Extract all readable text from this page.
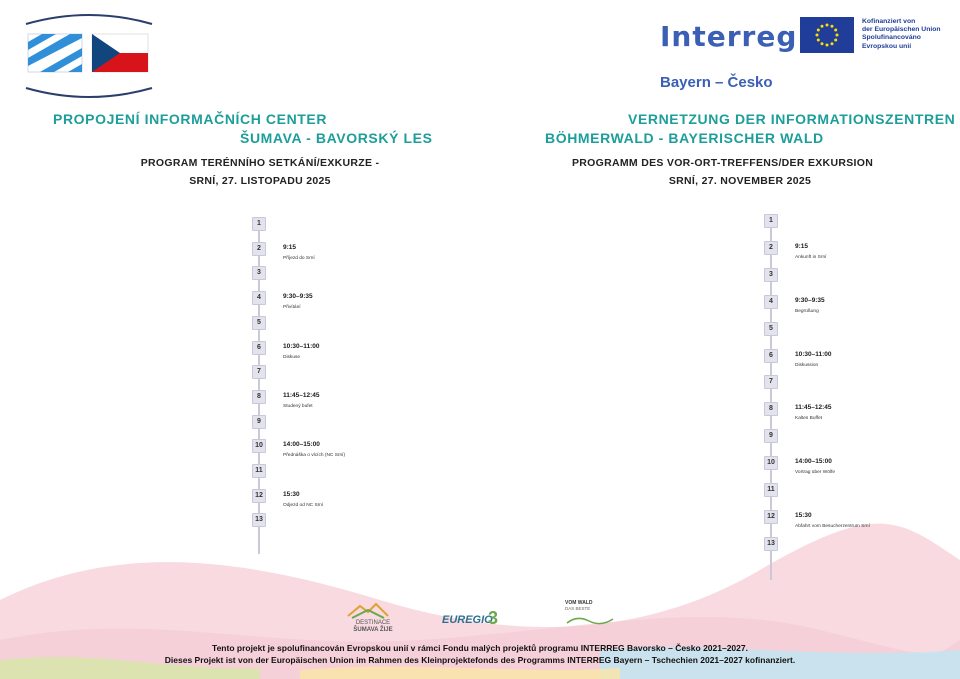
Interreg	Kofinanziert von
der Europäischen Union
Spolufinancováno
Evropskou unií
Bayern – Česko
PROPOJENÍ INFORMAČNÍCH CENTER
ŠUMAVA - BAVORSKÝ LES
VERNETZUNG DER INFORMATIONSZENTREN
BÖHMERWALD - BAYERISCHER WALD
PROGRAM TERÉNNÍHO SETKÁNÍ/EXKURZE -
SRNÍ, 27. LISTOPADU 2025
PROGRAMM DES VOR-ORT-TREFFENS/DER EXKURSION
SRNÍ, 27. NOVEMBER 2025
1
2	9:15
Příjezd do Srní
3
4	9:30–9:35
Přivítání
5
6	10:30–11:00
Diskuse
7
8	11:45–12:45
Studený bufet
9
10	14:00–15:00
Přednáška o vlcích (NC Srní)
11
12	15:30
Odjezd od NC Srní
13
1
2	9:15
Ankunft in Srní
3
4	9:30–9:35
Begrüßung
5
6	10:30–11:00
Diskussion
7
8	11:45–12:45
Kaltes Buffet
9
10	14:00–15:00
Vortrag über Wölfe
11
12	15:30
Abfahrt vom Besucherzentrum Srní
13
DESTINACE
ŠUMAVA ŽIJE
EUREGIO
3
VOM WALD
DAS BESTE
Tento projekt je spolufinancován Evropskou unií v rámci Fondu malých projektů programu INTERREG Bavorsko – Česko 2021–2027.
Dieses Projekt ist von der Europäischen Union im Rahmen des Kleinprojektefonds des Programms INTERREG Bayern – Tschechien 2021–2027 kofinanziert.
